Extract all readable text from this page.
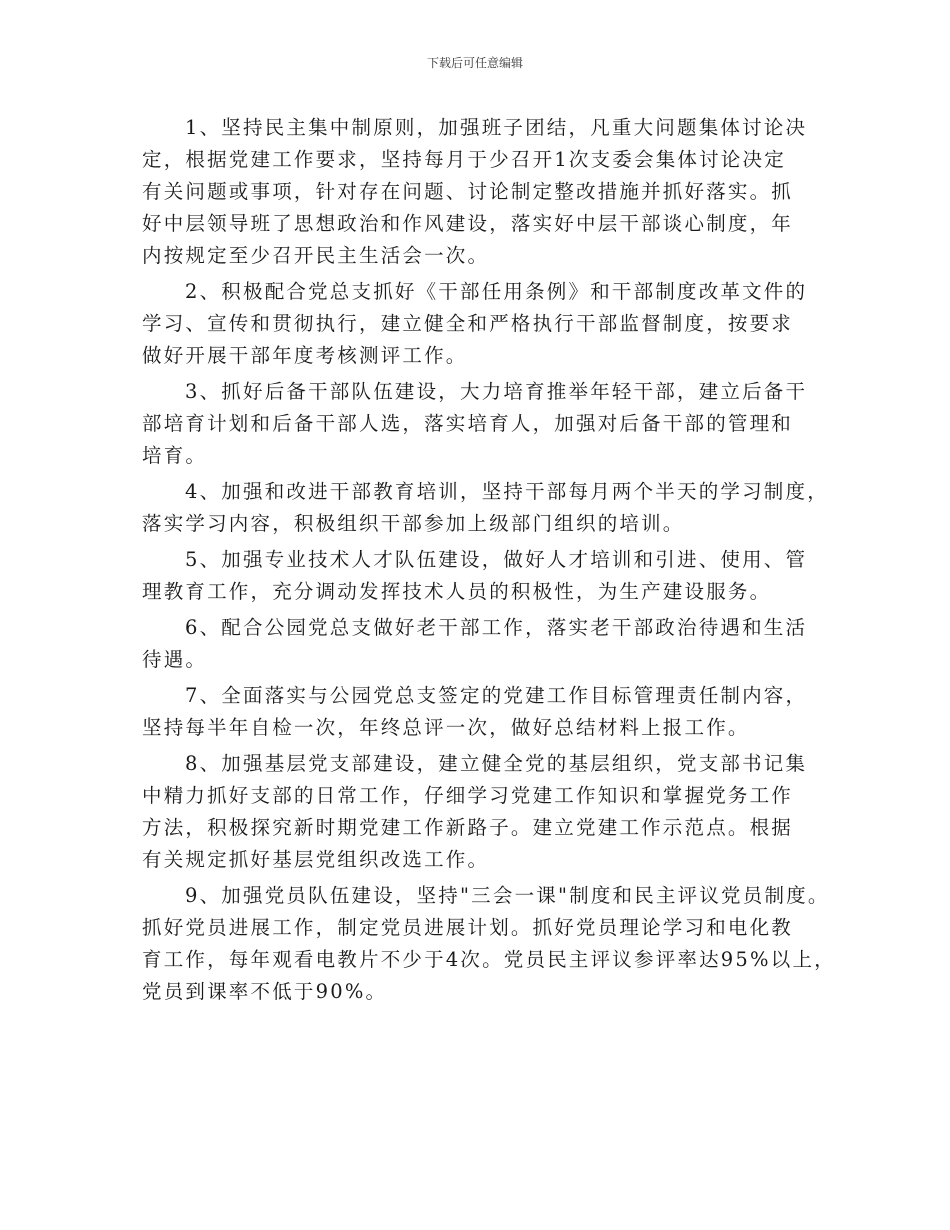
下载后可任意编辑

1、坚持民主集中制原则，加强班子团结，凡重大问题集体讨论决
定，根据党建工作要求，坚持每月于少召开1次支委会集体讨论决定
有关问题或事项，针对存在问题、讨论制定整改措施并抓好落实。抓
好中层领导班了思想政治和作风建设，落实好中层干部谈心制度，年
内按规定至少召开民主生活会一次。

2、积极配合党总支抓好《干部任用条例》和干部制度改革文件的
学习、宣传和贯彻执行，建立健全和严格执行干部监督制度，按要求
做好开展干部年度考核测评工作。

3、抓好后备干部队伍建设，大力培育推举年轻干部，建立后备干
部培育计划和后备干部人选，落实培育人，加强对后备干部的管理和
培育。

4、加强和改进干部教育培训，坚持干部每月两个半天的学习制度，
落实学习内容，积极组织干部参加上级部门组织的培训。

5、加强专业技术人才队伍建设，做好人才培训和引进、使用、管
理教育工作，充分调动发挥技术人员的积极性，为生产建设服务。

6、配合公园党总支做好老干部工作，落实老干部政治待遇和生活
待遇。

7、全面落实与公园党总支签定的党建工作目标管理责任制内容，
坚持每半年自检一次，年终总评一次，做好总结材料上报工作。

8、加强基层党支部建设，建立健全党的基层组织，党支部书记集
中精力抓好支部的日常工作，仔细学习党建工作知识和掌握党务工作
方法，积极探究新时期党建工作新路子。建立党建工作示范点。根据
有关规定抓好基层党组织改选工作。

9、加强党员队伍建设，坚持"三会一课"制度和民主评议党员制度。
抓好党员进展工作，制定党员进展计划。抓好党员理论学习和电化教
育工作，每年观看电教片不少于4次。党员民主评议参评率达95%以上，
党员到课率不低于90%。
